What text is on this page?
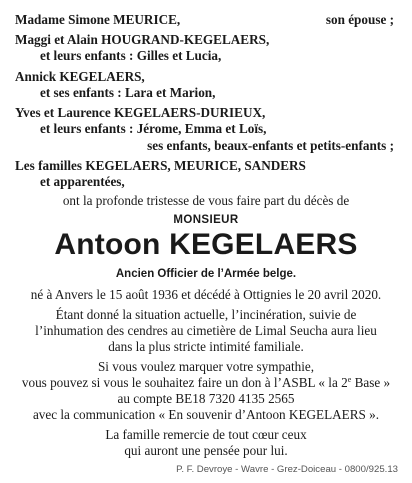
Madame Simone MEURICE,	son épouse ;
Maggi et Alain HOUGRAND-KEGELAERS,
et leurs enfants : Gilles et Lucia,
Annick KEGELAERS,
et ses enfants : Lara et Marion,
Yves et Laurence KEGELAERS-DURIEUX,
et leurs enfants : Jérome, Emma et Loïs,
ses enfants, beaux-enfants et petits-enfants ;
Les familles KEGELAERS, MEURICE, SANDERS
et apparentées,
ont la profonde tristesse de vous faire part du décès de
MONSIEUR
Antoon KEGELAERS
Ancien Officier de l’Armée belge.
né à Anvers le 15 août 1936 et décédé à Ottignies le 20 avril 2020.
Étant donné la situation actuelle, l’incinération, suivie de
l’inhumation des cendres au cimetière de Limal Seucha aura lieu
dans la plus stricte intimité familiale.
Si vous voulez marquer votre sympathie,
vous pouvez si vous le souhaitez faire un don à l’ASBL « la 2e Base »
au compte BE18 7320 4135 2565
avec la communication « En souvenir d’Antoon KEGELAERS ».
La famille remercie de tout cœur ceux
qui auront une pensée pour lui.
P. F. Devroye - Wavre - Grez-Doiceau - 0800/925.13
